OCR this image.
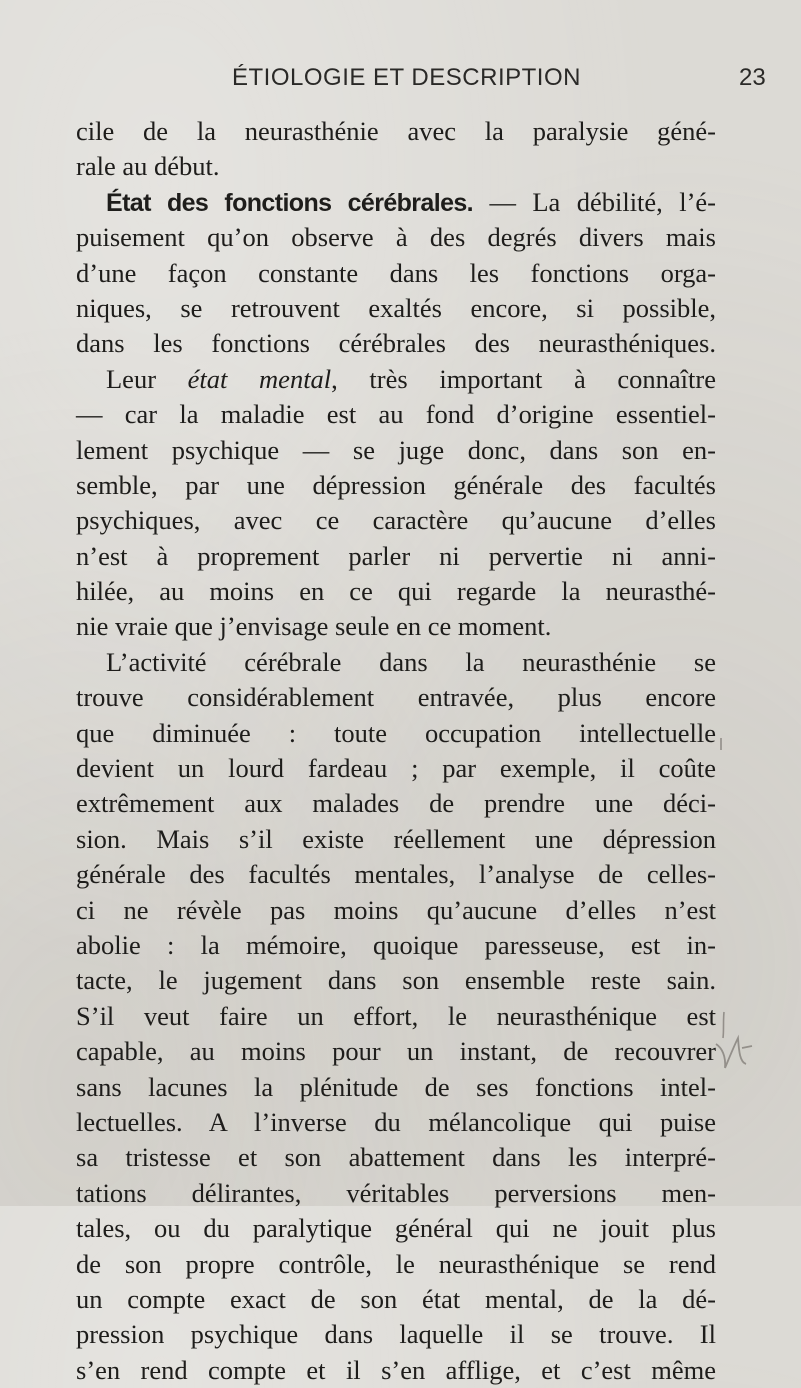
ÉTIOLOGIE ET DESCRIPTION	23
cile de la neurasthénie avec la paralysie géné-
rale au début.
État des fonctions cérébrales. — La débilité, l’é-
puisement qu’on observe à des degrés divers mais
d’une façon constante dans les fonctions orga-
niques, se retrouvent exaltés encore, si possible,
dans les fonctions cérébrales des neurasthéniques.
Leur état mental, très important à connaître
— car la maladie est au fond d’origine essentiel-
lement psychique — se juge donc, dans son en-
semble, par une dépression générale des facultés
psychiques, avec ce caractère qu’aucune d’elles
n’est à proprement parler ni pervertie ni anni-
hilée, au moins en ce qui regarde la neurasthé-
nie vraie que j’envisage seule en ce moment.
L’activité cérébrale dans la neurasthénie se
trouve considérablement entravée, plus encore
que diminuée : toute occupation intellectuelle
devient un lourd fardeau ; par exemple, il coûte
extrêmement aux malades de prendre une déci-
sion. Mais s’il existe réellement une dépression
générale des facultés mentales, l’analyse de celles-
ci ne révèle pas moins qu’aucune d’elles n’est
abolie : la mémoire, quoique paresseuse, est in-
tacte, le jugement dans son ensemble reste sain.
S’il veut faire un effort, le neurasthénique est
capable, au moins pour un instant, de recouvrer
sans lacunes la plénitude de ses fonctions intel-
lectuelles. A l’inverse du mélancolique qui puise
sa tristesse et son abattement dans les interpré-
tations délirantes, véritables perversions men-
tales, ou du paralytique général qui ne jouit plus
de son propre contrôle, le neurasthénique se rend
un compte exact de son état mental, de la dé-
pression psychique dans laquelle il se trouve. Il
s’en rend compte et il s’en afflige, et c’est même
